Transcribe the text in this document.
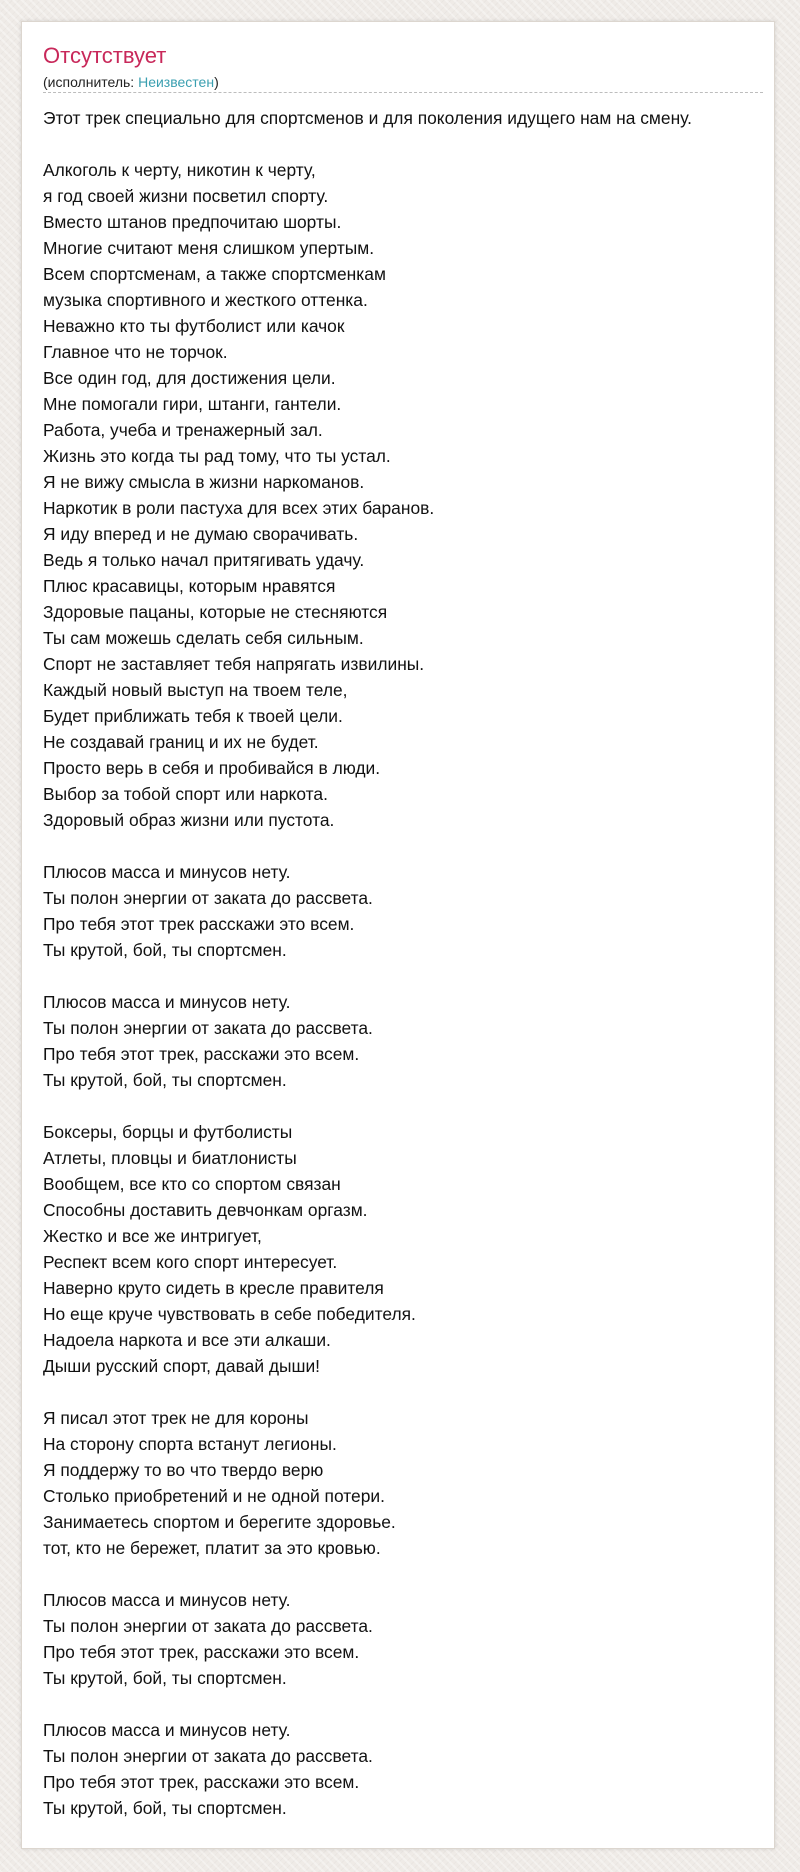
Отсутствует
(исполнитель: Неизвестен)

Этот трек специально для спортсменов и для поколения идущего нам на смену.

Алкоголь к черту, никотин к черту,
я год своей жизни посветил спорту.
Вместо штанов предпочитаю шорты.
Многие считают меня слишком упертым.
Всем спортсменам, а также спортсменкам
музыка спортивного и жесткого оттенка.
Неважно кто ты футболист или качок
Главное что не торчок.
Все один год, для достижения цели.
Мне помогали гири, штанги, гантели.
Работа, учеба и тренажерный зал.
Жизнь это когда ты рад тому, что ты устал.
Я не вижу смысла в жизни наркоманов.
Наркотик в роли пастуха для всех этих баранов.
Я иду вперед и не думаю сворачивать.
Ведь я только начал притягивать удачу.
Плюс красавицы, которым нравятся
Здоровые пацаны, которые не стесняются
Ты сам можешь сделать себя сильным.
Спорт не заставляет тебя напрягать извилины.
Каждый новый выступ на твоем теле,
Будет приближать тебя к твоей цели.
Не создавай границ и их не будет.
Просто верь в себя и пробивайся в люди.
Выбор за тобой спорт или наркота.
Здоровый образ жизни или пустота.

Плюсов масса и минусов нету.
Ты полон энергии от заката до рассвета.
Про тебя этот трек расскажи это всем.
Ты крутой, бой, ты спортсмен.

Плюсов масса и минусов нету.
Ты полон энергии от заката до рассвета.
Про тебя этот трек, расскажи это всем.
Ты крутой, бой, ты спортсмен.

Боксеры, борцы и футболисты
Атлеты, пловцы и биатлонисты
Вообщем, все кто со спортом связан
Способны доставить девчонкам оргазм.
Жестко и все же интригует,
Респект всем кого спорт интересует.
Наверно круто сидеть в кресле правителя
Но еще круче чувствовать в себе победителя.
Надоела наркота и все эти алкаши.
Дыши русский спорт, давай дыши!

Я писал этот трек не для короны
На сторону спорта встанут легионы.
Я поддержу то во что твердо верю
Столько приобретений и не одной потери.
Занимаетесь спортом и берегите здоровье.
тот, кто не бережет, платит за это кровью.

Плюсов масса и минусов нету.
Ты полон энергии от заката до рассвета.
Про тебя этот трек, расскажи это всем.
Ты крутой, бой, ты спортсмен.

Плюсов масса и минусов нету.
Ты полон энергии от заката до рассвета.
Про тебя этот трек, расскажи это всем.
Ты крутой, бой, ты спортсмен.
